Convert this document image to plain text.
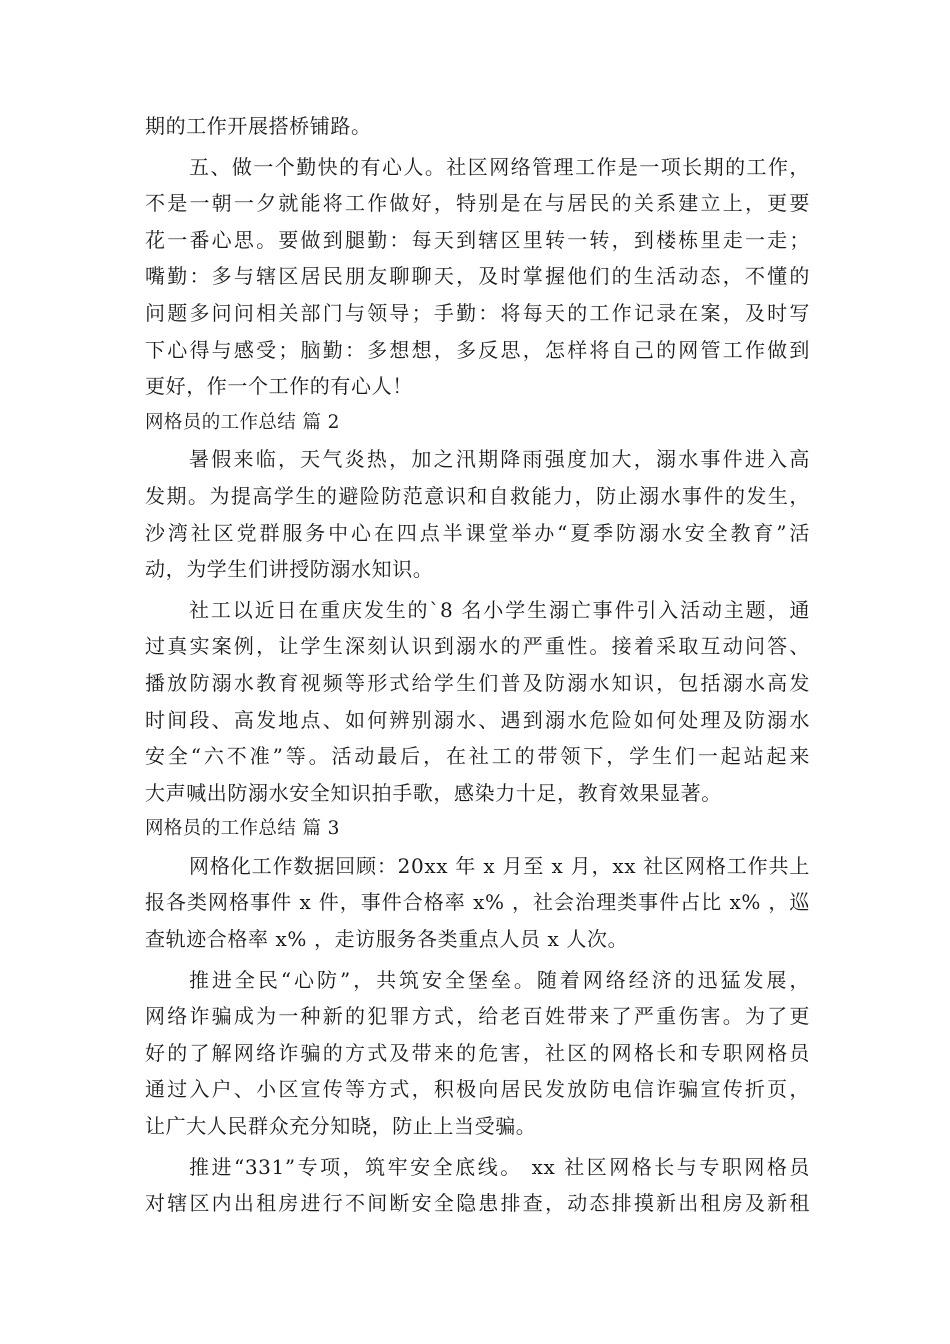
期的工作开展搭桥铺路。
五、做一个勤快的有心人。社区网络管理工作是一项长期的工作，
不是一朝一夕就能将工作做好，特别是在与居民的关系建立上，更要
花一番心思。要做到腿勤：每天到辖区里转一转，到楼栋里走一走；
嘴勤：多与辖区居民朋友聊聊天，及时掌握他们的生活动态，不懂的
问题多问问相关部门与领导；手勤：将每天的工作记录在案，及时写
下心得与感受；脑勤：多想想，多反思，怎样将自己的网管工作做到
更好，作一个工作的有心人！
网格员的工作总结 篇 2
暑假来临，天气炎热，加之汛期降雨强度加大，溺水事件进入高
发期。为提高学生的避险防范意识和自救能力，防止溺水事件的发生，
沙湾社区党群服务中心在四点半课堂举办“夏季防溺水安全教育”活
动，为学生们讲授防溺水知识。
社工以近日在重庆发生的`8 名小学生溺亡事件引入活动主题，通
过真实案例，让学生深刻认识到溺水的严重性。接着采取互动问答、
播放防溺水教育视频等形式给学生们普及防溺水知识，包括溺水高发
时间段、高发地点、如何辨别溺水、遇到溺水危险如何处理及防溺水
安全“六不准”等。活动最后，在社工的带领下，学生们一起站起来
大声喊出防溺水安全知识拍手歌，感染力十足，教育效果显著。
网格员的工作总结 篇 3
网格化工作数据回顾：20xx 年 x 月至 x 月，xx 社区网格工作共上
报各类网格事件 x 件，事件合格率 x% ，社会治理类事件占比 x% ，巡
查轨迹合格率 x% ，走访服务各类重点人员 x 人次。
推进全民“心防”，共筑安全堡垒。随着网络经济的迅猛发展，
网络诈骗成为一种新的犯罪方式，给老百姓带来了严重伤害。为了更
好的了解网络诈骗的方式及带来的危害，社区的网格长和专职网格员
通过入户、小区宣传等方式，积极向居民发放防电信诈骗宣传折页，
让广大人民群众充分知晓，防止上当受骗。
推进“331”专项，筑牢安全底线。 xx 社区网格长与专职网格员
对辖区内出租房进行不间断安全隐患排查，动态排摸新出租房及新租
